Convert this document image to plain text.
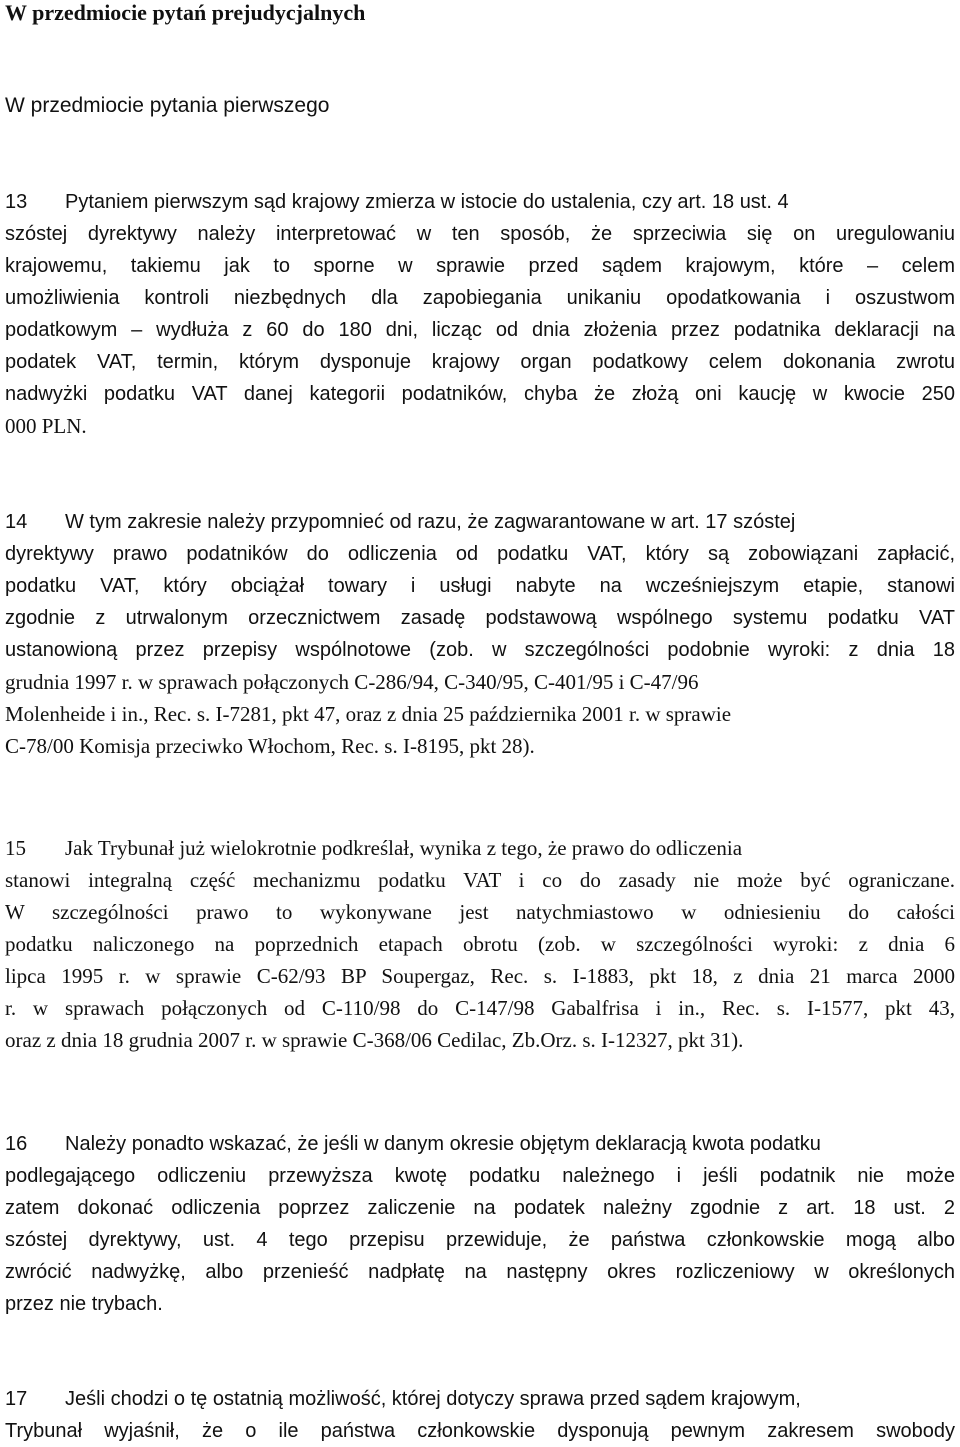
W przedmiocie pytań prejudycjalnych
W przedmiocie pytania pierwszego
13 Pytaniem pierwszym sąd krajowy zmierza w istocie do ustalenia, czy art. 18 ust. 4
szóstej dyrektywy należy interpretować w ten sposób, że sprzeciwia się on uregulowaniu
krajowemu, takiemu jak to sporne w sprawie przed sądem krajowym, które – celem
umożliwienia kontroli niezbędnych dla zapobiegania unikaniu opodatkowania i oszustwom
podatkowym – wydłuża z 60 do 180 dni, licząc od dnia złożenia przez podatnika deklaracji na
podatek VAT, termin, którym dysponuje krajowy organ podatkowy celem dokonania zwrotu
nadwyżki podatku VAT danej kategorii podatników, chyba że złożą oni kaucję w kwocie 250
000 PLN.
14 W tym zakresie należy przypomnieć od razu, że zagwarantowane w art. 17 szóstej
dyrektywy prawo podatników do odliczenia od podatku VAT, który są zobowiązani zapłacić,
podatku VAT, który obciążał towary i usługi nabyte na wcześniejszym etapie, stanowi
zgodnie z utrwalonym orzecznictwem zasadę podstawową wspólnego systemu podatku VAT
ustanowioną przez przepisy wspólnotowe (zob. w szczególności podobnie wyroki: z dnia 18
grudnia 1997 r. w sprawach połączonych C‑286/94, C‑340/95, C‑401/95 i C‑47/96
Molenheide i in., Rec. s. I‑7281, pkt 47, oraz z dnia 25 października 2001 r. w sprawie
C‑78/00 Komisja przeciwko Włochom, Rec. s. I‑8195, pkt 28).
15 Jak Trybunał już wielokrotnie podkreślał, wynika z tego, że prawo do odliczenia
stanowi integralną część mechanizmu podatku VAT i co do zasady nie może być ograniczane.
W szczególności prawo to wykonywane jest natychmiastowo w odniesieniu do całości
podatku naliczonego na poprzednich etapach obrotu (zob. w szczególności wyroki: z dnia 6
lipca 1995 r. w sprawie C‑62/93 BP Soupergaz, Rec. s. I‑1883, pkt 18, z dnia 21 marca 2000
r. w sprawach połączonych od C‑110/98 do C‑147/98 Gabalfrisa i in., Rec. s. I‑1577, pkt 43,
oraz z dnia 18 grudnia 2007 r. w sprawie C‑368/06 Cedilac, Zb.Orz. s. I‑12327, pkt 31).
16 Należy ponadto wskazać, że jeśli w danym okresie objętym deklaracją kwota podatku
podlegającego odliczeniu przewyższa kwotę podatku należnego i jeśli podatnik nie może
zatem dokonać odliczenia poprzez zaliczenie na podatek należny zgodnie z art. 18 ust. 2
szóstej dyrektywy, ust. 4 tego przepisu przewiduje, że państwa członkowskie mogą albo
zwrócić nadwyżkę, albo przenieść nadpłatę na następny okres rozliczeniowy w określonych
przez nie trybach.
17 Jeśli chodzi o tę ostatnią możliwość, której dotyczy sprawa przed sądem krajowym,
Trybunał wyjaśnił, że o ile państwa członkowskie dysponują pewnym zakresem swobody
